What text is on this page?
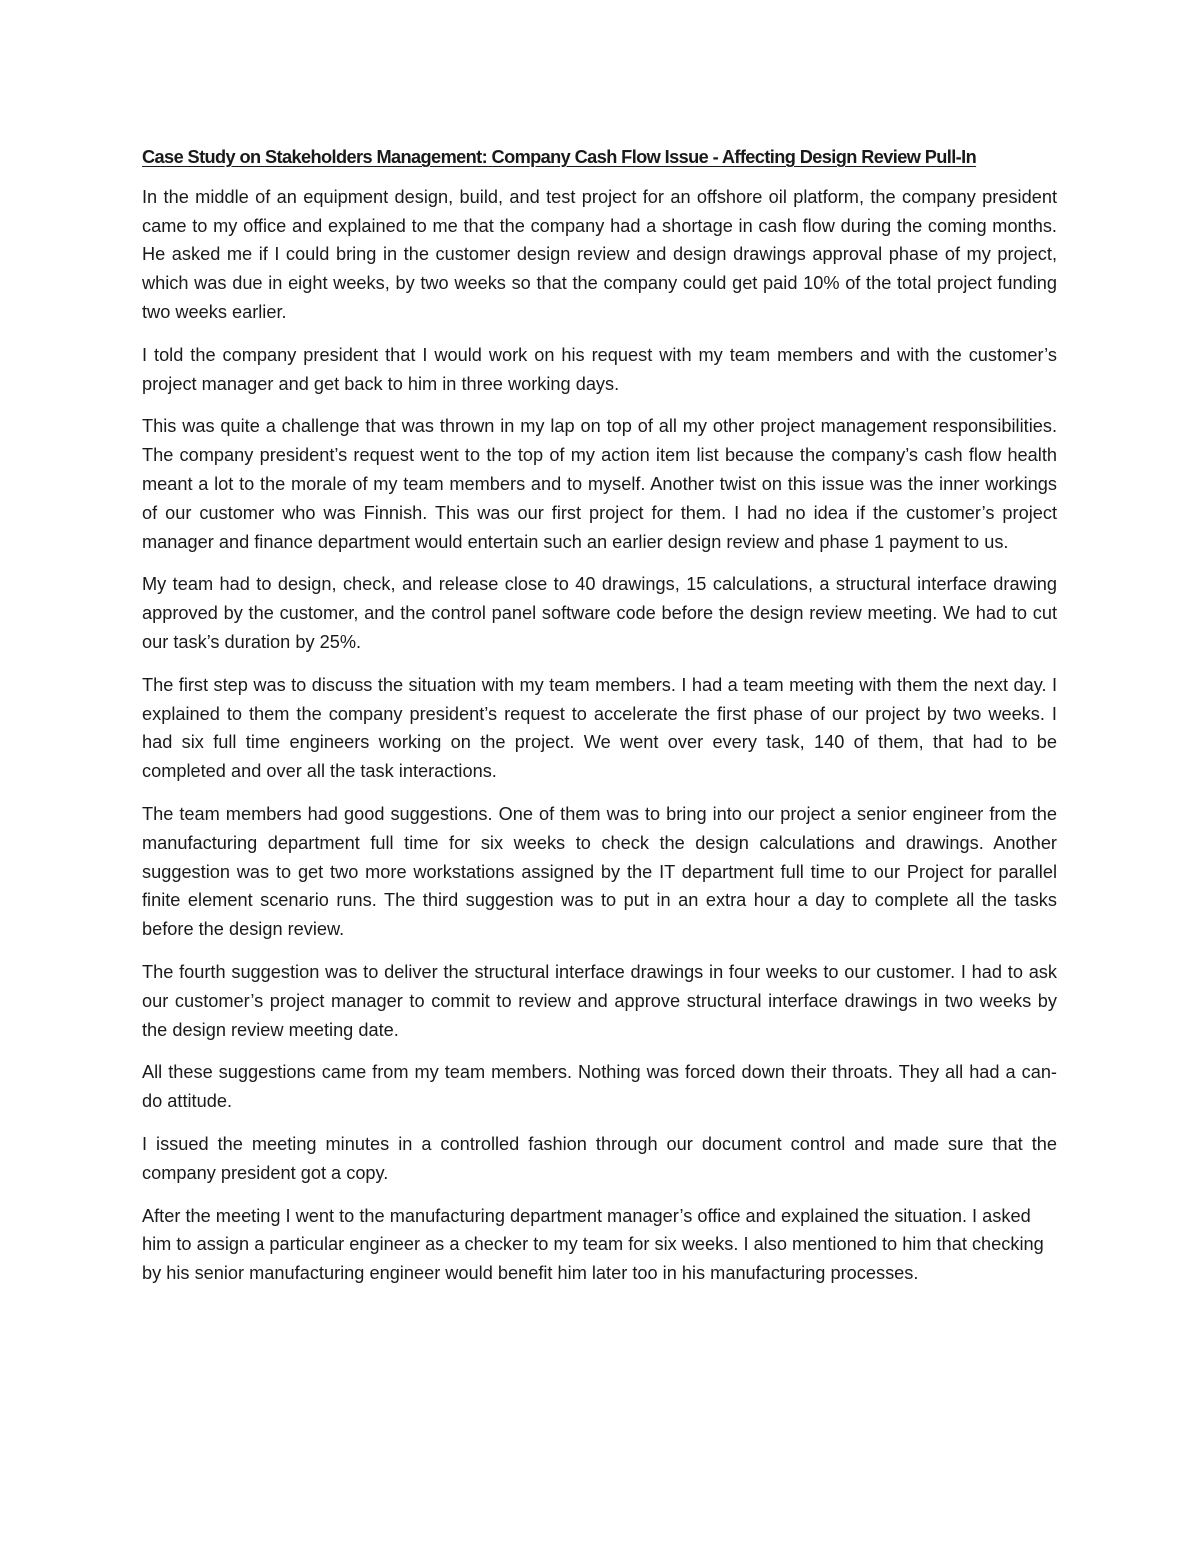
Case Study on Stakeholders Management: Company Cash Flow Issue - Affecting Design Review Pull-In

In the middle of an equipment design, build, and test project for an offshore oil platform, the company president came to my office and explained to me that the company had a shortage in cash flow during the coming months. He asked me if I could bring in the customer design review and design drawings approval phase of my project, which was due in eight weeks, by two weeks so that the company could get paid 10% of the total project funding two weeks earlier.

I told the company president that I would work on his request with my team members and with the customer’s project manager and get back to him in three working days.

This was quite a challenge that was thrown in my lap on top of all my other project management responsibilities. The company president’s request went to the top of my action item list because the company’s cash flow health meant a lot to the morale of my team members and to myself. Another twist on this issue was the inner workings of our customer who was Finnish. This was our first project for them. I had no idea if the customer’s project manager and finance department would entertain such an earlier design review and phase 1 payment to us.

My team had to design, check, and release close to 40 drawings, 15 calculations, a structural interface drawing approved by the customer, and the control panel software code before the design review meeting. We had to cut our task’s duration by 25%.

The first step was to discuss the situation with my team members. I had a team meeting with them the next day. I explained to them the company president’s request to accelerate the first phase of our project by two weeks. I had six full time engineers working on the project. We went over every task, 140 of them, that had to be completed and over all the task interactions.

The team members had good suggestions. One of them was to bring into our project a senior engineer from the manufacturing department full time for six weeks to check the design calculations and drawings. Another suggestion was to get two more workstations assigned by the IT department full time to our Project for parallel finite element scenario runs. The third suggestion was to put in an extra hour a day to complete all the tasks before the design review.

The fourth suggestion was to deliver the structural interface drawings in four weeks to our customer. I had to ask our customer’s project manager to commit to review and approve structural interface drawings in two weeks by the design review meeting date.

All these suggestions came from my team members. Nothing was forced down their throats. They all had a can-do attitude.

I issued the meeting minutes in a controlled fashion through our document control and made sure that the company president got a copy.

After the meeting I went to the manufacturing department manager’s office and explained the situation. I asked him to assign a particular engineer as a checker to my team for six weeks. I also mentioned to him that checking by his senior manufacturing engineer would benefit him later too in his manufacturing processes.
